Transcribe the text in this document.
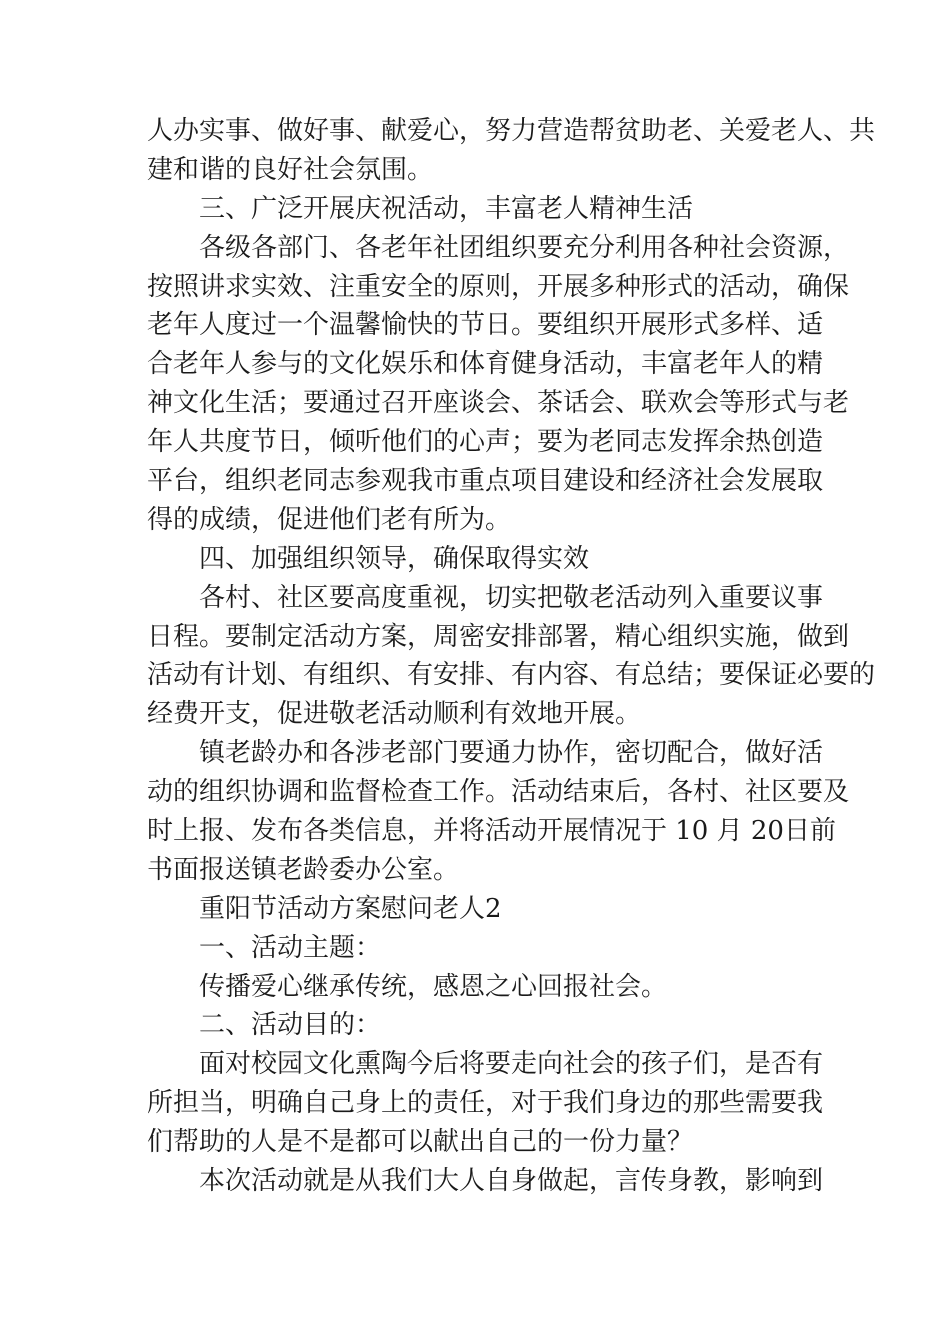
人办实事、做好事、献爱心，努力营造帮贫助老、关爱老人、共
建和谐的良好社会氛围。
三、广泛开展庆祝活动，丰富老人精神生活
各级各部门、各老年社团组织要充分利用各种社会资源，
按照讲求实效、注重安全的原则，开展多种形式的活动，确保
老年人度过一个温馨愉快的节日。要组织开展形式多样、适
合老年人参与的文化娱乐和体育健身活动，丰富老年人的精
神文化生活；要通过召开座谈会、茶话会、联欢会等形式与老
年人共度节日，倾听他们的心声；要为老同志发挥余热创造
平台，组织老同志参观我市重点项目建设和经济社会发展取
得的成绩，促进他们老有所为。
四、加强组织领导，确保取得实效
各村、社区要高度重视，切实把敬老活动列入重要议事
日程。要制定活动方案，周密安排部署，精心组织实施，做到
活动有计划、有组织、有安排、有内容、有总结；要保证必要的
经费开支，促进敬老活动顺利有效地开展。
镇老龄办和各涉老部门要通力协作，密切配合，做好活
动的组织协调和监督检查工作。活动结束后，各村、社区要及
时上报、发布各类信息，并将活动开展情况于 10 月 20日前
书面报送镇老龄委办公室。
重阳节活动方案慰问老人2
一、活动主题：
传播爱心继承传统，感恩之心回报社会。
二、活动目的：
面对校园文化熏陶今后将要走向社会的孩子们，是否有
所担当，明确自己身上的责任，对于我们身边的那些需要我
们帮助的人是不是都可以献出自己的一份力量？
本次活动就是从我们大人自身做起，言传身教，影响到
